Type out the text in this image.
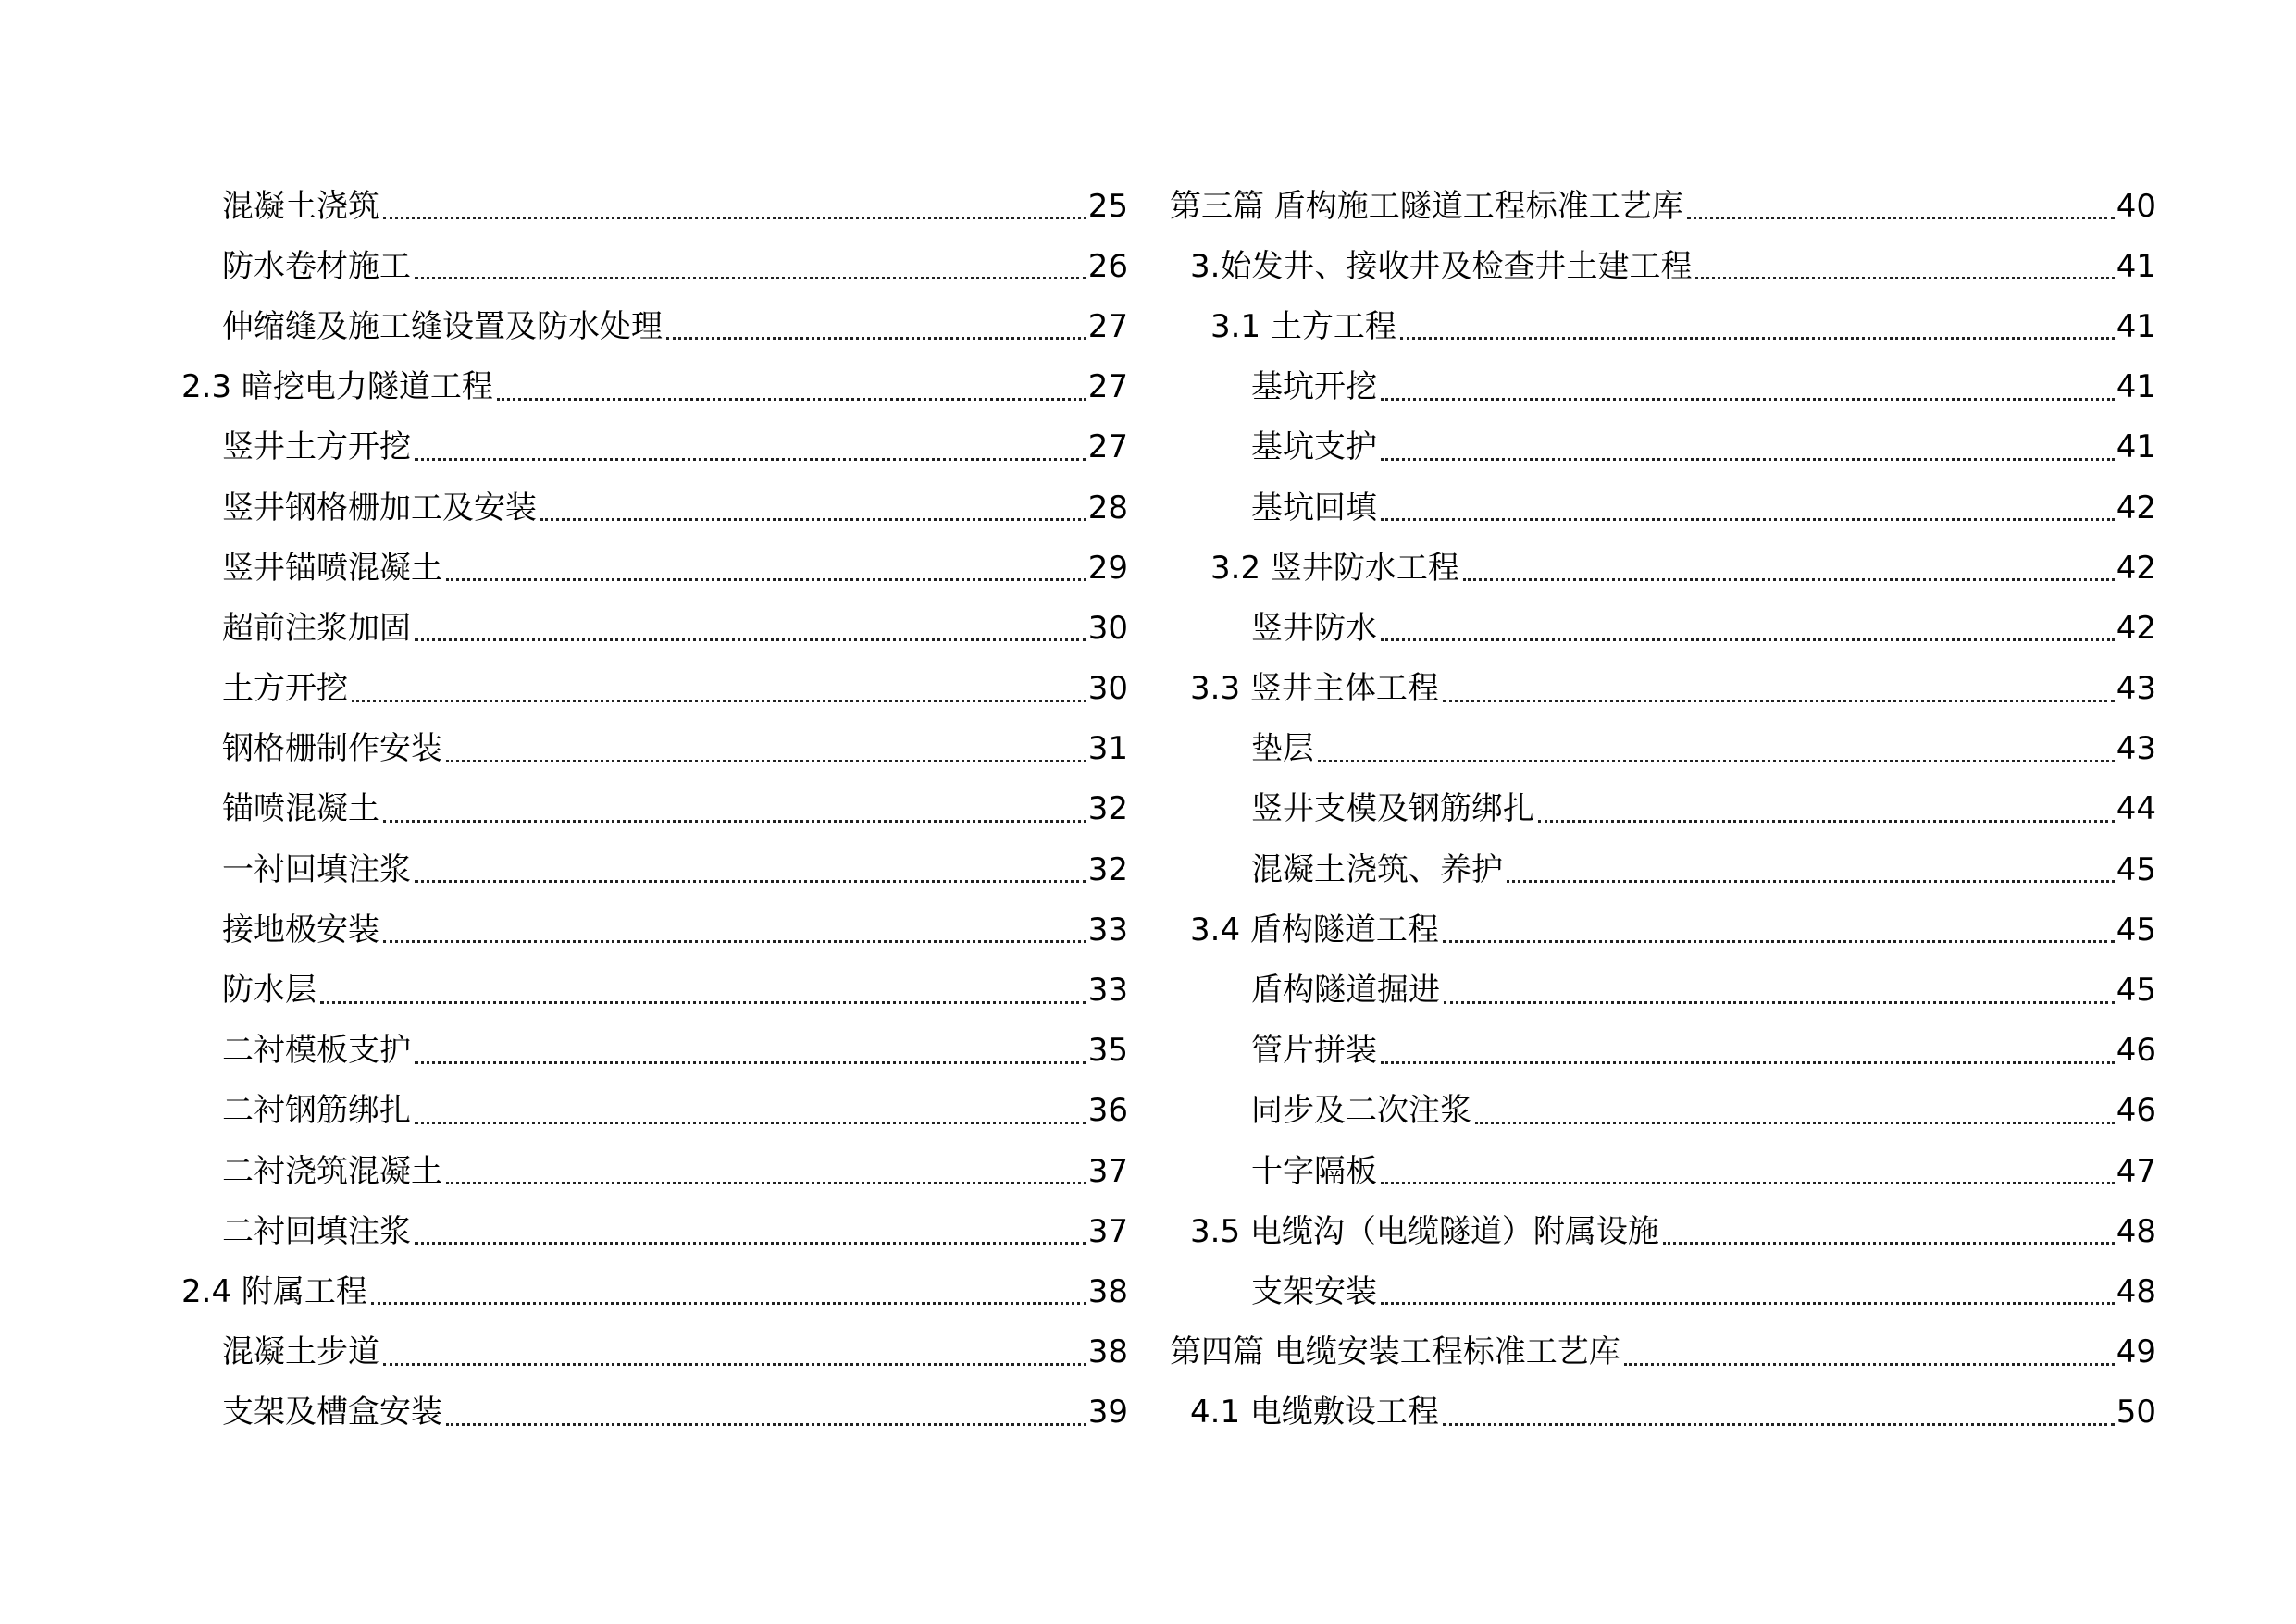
混凝土浇筑	25
防水卷材施工	26
伸缩缝及施工缝设置及防水处理	27
2.3 暗挖电力隧道工程	27
竖井土方开挖	27
竖井钢格栅加工及安装	28
竖井锚喷混凝土	29
超前注浆加固	30
土方开挖	30
钢格栅制作安装	31
锚喷混凝土	32
一衬回填注浆	32
接地极安装	33
防水层	33
二衬模板支护	35
二衬钢筋绑扎	36
二衬浇筑混凝土	37
二衬回填注浆	37
2.4 附属工程	38
混凝土步道	38
支架及槽盒安装	39
第三篇 盾构施工隧道工程标准工艺库	40
3.始发井、接收井及检查井土建工程	41
3.1 土方工程	41
基坑开挖	41
基坑支护	41
基坑回填	42
3.2 竖井防水工程	42
竖井防水	42
3.3 竖井主体工程	43
垫层	43
竖井支模及钢筋绑扎	44
混凝土浇筑、养护	45
3.4 盾构隧道工程	45
盾构隧道掘进	45
管片拼装	46
同步及二次注浆	46
十字隔板	47
3.5 电缆沟（电缆隧道）附属设施	48
支架安装	48
第四篇 电缆安装工程标准工艺库	49
4.1 电缆敷设工程	50
